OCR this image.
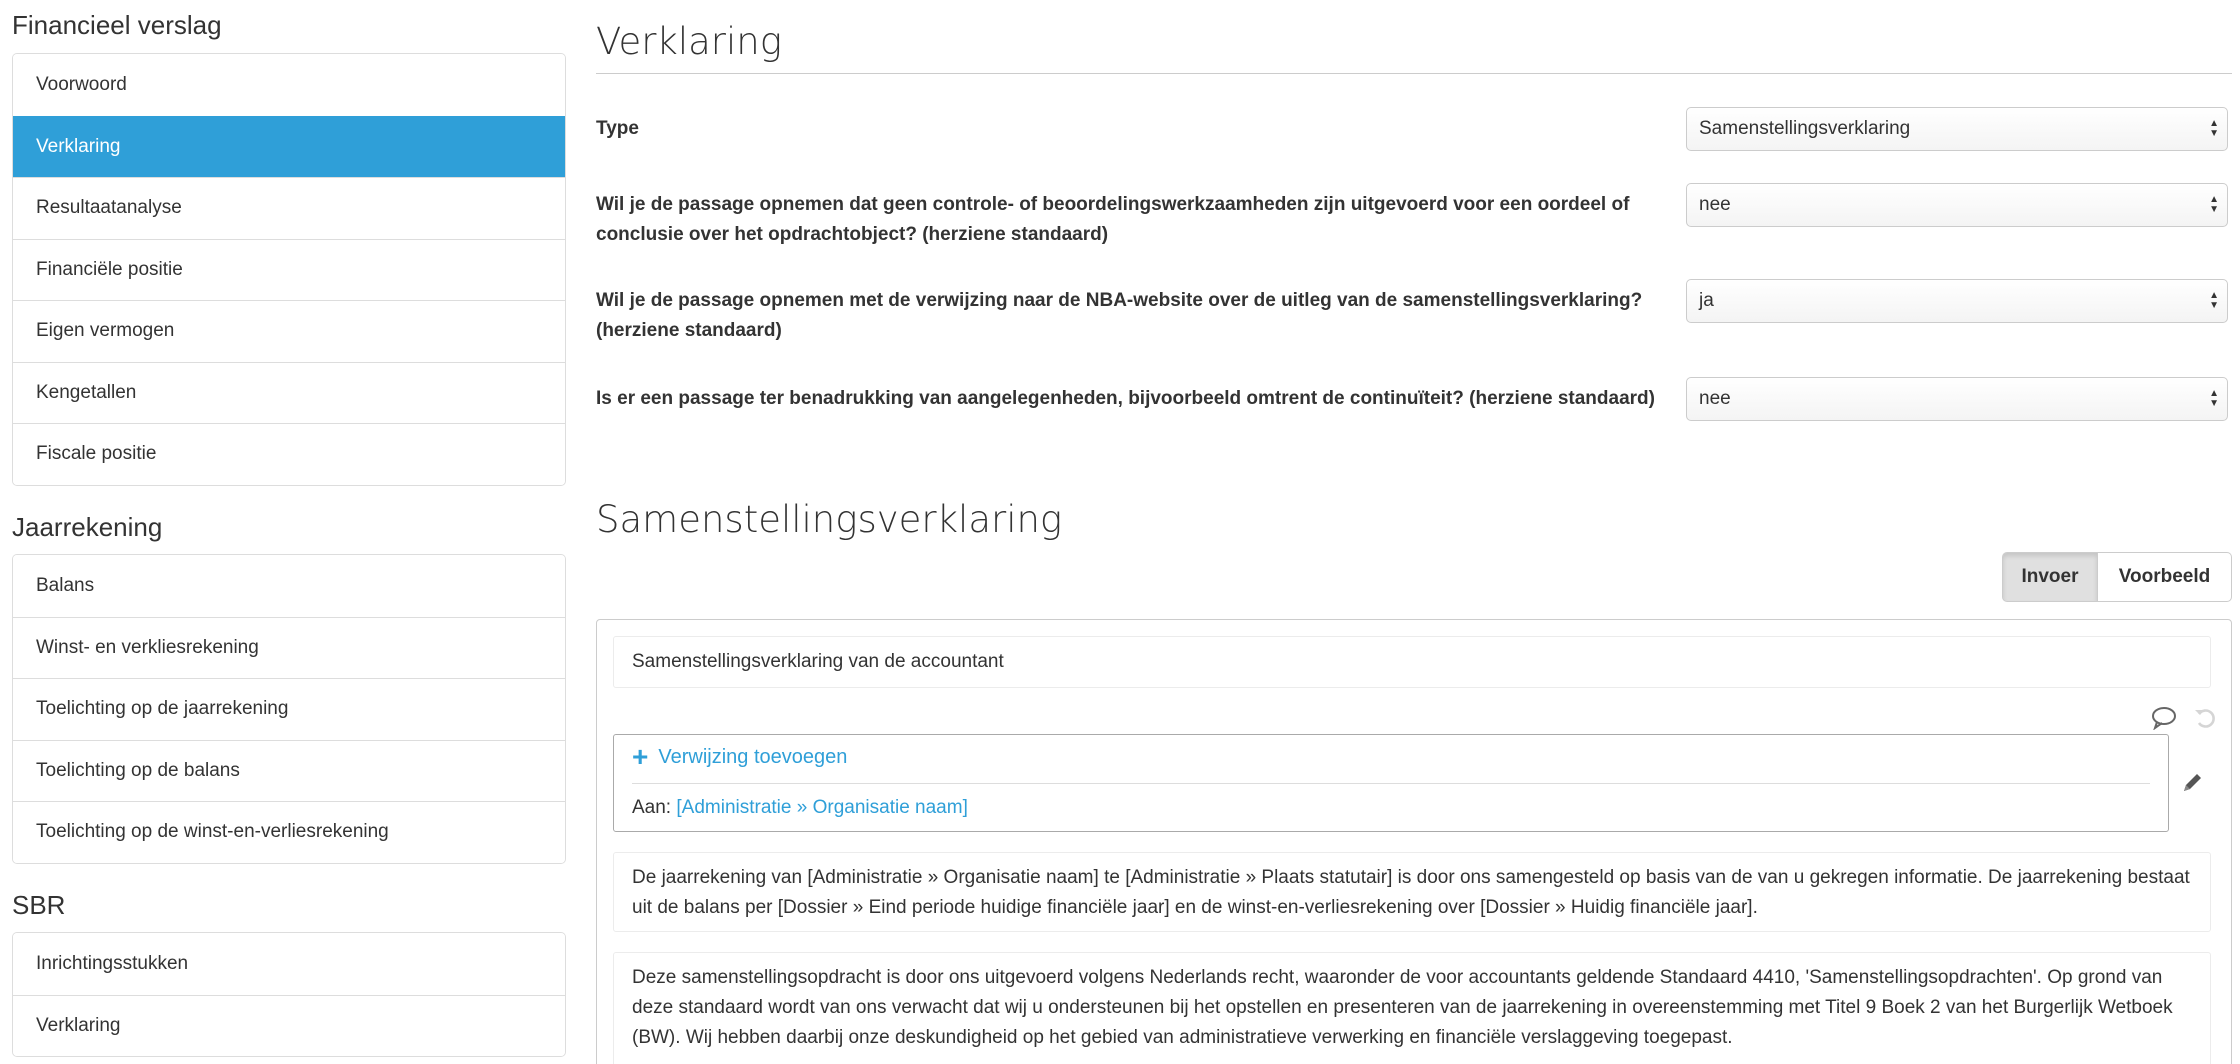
Financieel verslag
Voorwoord
Verklaring
Resultaatanalyse
Financiële positie
Eigen vermogen
Kengetallen
Fiscale positie
Jaarrekening
Balans
Winst- en verkliesrekening
Toelichting op de jaarrekening
Toelichting op de balans
Toelichting op de winst-en-verliesrekening
SBR
Inrichtingsstukken
Verklaring
Verklaring
Type	Samenstellingsverklaring	▲
▼
Wil je de passage opnemen dat geen controle- of beoordelingswerkzaamheden zijn uitgevoerd voor een oordeel of conclusie over het opdrachtobject? (herziene standaard)
nee	▲
▼
Wil je de passage opnemen met de verwijzing naar de NBA-website over de uitleg van de samenstellingsverklaring? (herziene standaard)
ja	▲
▼
Is er een passage ter benadrukking van aangelegenheden, bijvoorbeeld omtrent de continuïteit? (herziene standaard)	nee	▲
▼
Samenstellingsverklaring
Invoer	Voorbeeld
Samenstellingsverklaring van de accountant
+ Verwijzing toevoegen
Aan: [Administratie » Organisatie naam]
De jaarrekening van [Administratie » Organisatie naam] te [Administratie » Plaats statutair] is door ons samengesteld op basis van de van u gekregen informatie. De jaarrekening bestaat uit de balans per [Dossier » Eind periode huidige financiële jaar] en de winst-en-verliesrekening over [Dossier » Huidig financiële jaar].
Deze samenstellingsopdracht is door ons uitgevoerd volgens Nederlands recht, waaronder de voor accountants geldende Standaard 4410, 'Samenstellingsopdrachten'. Op grond van deze standaard wordt van ons verwacht dat wij u ondersteunen bij het opstellen en presenteren van de jaarrekening in overeenstemming met Titel 9 Boek 2 van het Burgerlijk Wetboek (BW). Wij hebben daarbij onze deskundigheid op het gebied van administratieve verwerking en financiële verslaggeving toegepast.
